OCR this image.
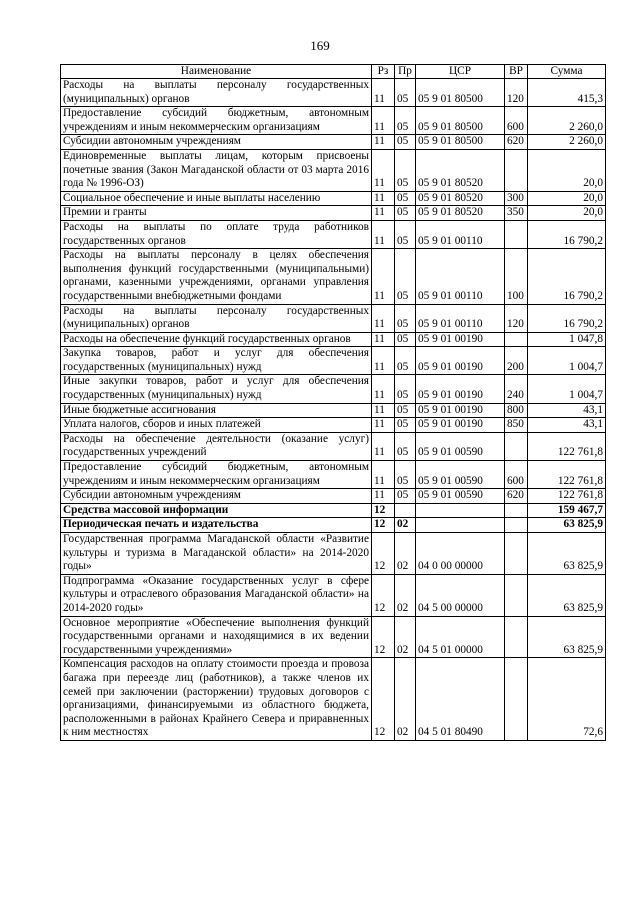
169
Наименование	Рз	Пр	ЦСР	ВР	Сумма
Расходы на выплаты персоналу государственных (муниципальных) органов	11	05	05 9 01 80500	120	415,3
Предоставление субсидий бюджетным, автономным учреждениям и иным некоммерческим организациям	11	05	05 9 01 80500	600	2 260,0
Субсидии автономным учреждениям	11	05	05 9 01 80500	620	2 260,0
Единовременные выплаты лицам, которым присвоены почетные звания (Закон Магаданской области от 03 марта 2016 года № 1996-ОЗ)	11	05	05 9 01 80520		20,0
Социальное обеспечение и иные выплаты населению	11	05	05 9 01 80520	300	20,0
Премии и гранты	11	05	05 9 01 80520	350	20,0
Расходы на выплаты по оплате труда работников государственных органов	11	05	05 9 01 00110		16 790,2
Расходы на выплаты персоналу в целях обеспечения выполнения функций государственными (муниципальными) органами, казенными учреждениями, органами управления государственными внебюджетными фондами	11	05	05 9 01 00110	100	16 790,2
Расходы на выплаты персоналу государственных (муниципальных) органов	11	05	05 9 01 00110	120	16 790,2
Расходы на обеспечение функций государственных органов	11	05	05 9 01 00190		1 047,8
Закупка товаров, работ и услуг для обеспечения государственных (муниципальных) нужд	11	05	05 9 01 00190	200	1 004,7
Иные закупки товаров, работ и услуг для обеспечения государственных (муниципальных) нужд	11	05	05 9 01 00190	240	1 004,7
Иные бюджетные ассигнования	11	05	05 9 01 00190	800	43,1
Уплата налогов, сборов и иных платежей	11	05	05 9 01 00190	850	43,1
Расходы на обеспечение деятельности (оказание услуг) государственных учреждений	11	05	05 9 01 00590		122 761,8
Предоставление субсидий бюджетным, автономным учреждениям и иным некоммерческим организациям	11	05	05 9 01 00590	600	122 761,8
Субсидии автономным учреждениям	11	05	05 9 01 00590	620	122 761,8
Средства массовой информации	12				159 467,7
Периодическая печать и издательства	12	02			63 825,9
Государственная программа Магаданской области «Развитие культуры и туризма в Магаданской области» на 2014-2020 годы»	12	02	04 0 00 00000		63 825,9
Подпрограмма «Оказание государственных услуг в сфере культуры и отраслевого образования Магаданской области» на 2014-2020 годы»	12	02	04 5 00 00000		63 825,9
Основное мероприятие «Обеспечение выполнения функций государственными органами и находящимися в их ведении государственными учреждениями»	12	02	04 5 01 00000		63 825,9
Компенсация расходов на оплату стоимости проезда и провоза багажа при переезде лиц (работников), а также членов их семей при заключении (расторжении) трудовых договоров с организациями, финансируемыми из областного бюджета, расположенными в районах Крайнего Севера и приравненных к ним местностях	12	02	04 5 01 80490		72,6
